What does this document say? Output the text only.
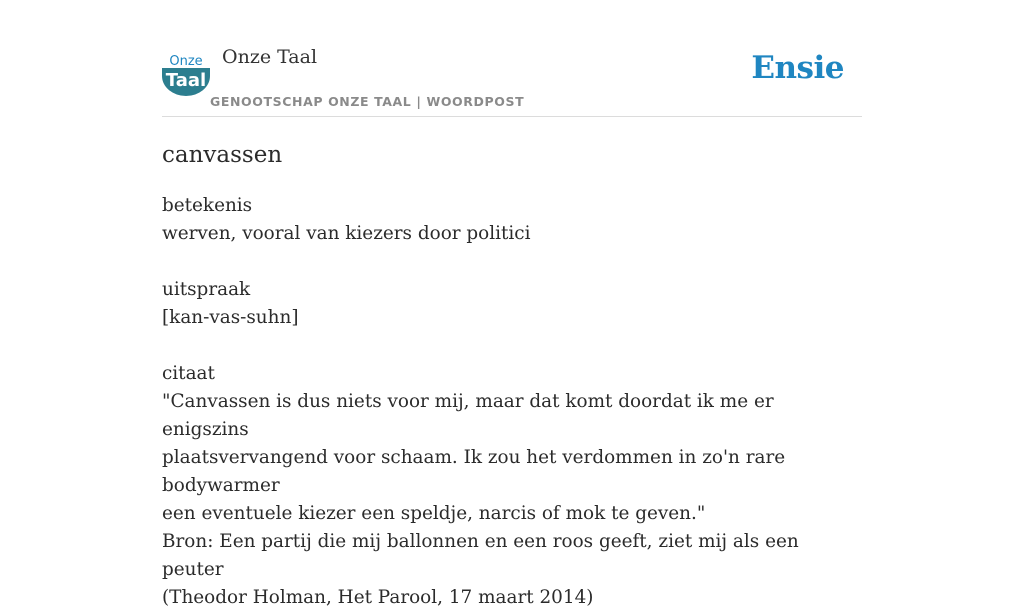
Onze
Taal
Onze Taal
GENOOTSCHAP ONZE TAAL | WOORDPOST
Ensie
canvassen

betekenis

werven, vooral van kiezers door politici

uitspraak

[kan-vas-suhn]

citaat

"Canvassen is dus niets voor mij, maar dat komt doordat ik me er enigszins

plaatsvervangend voor schaam. Ik zou het verdommen in zo'n rare bodywarmer

een eventuele kiezer een speldje, narcis of mok te geven."

Bron: Een partij die mij ballonnen en een roos geeft, ziet mij als een peuter

(Theodor Holman, Het Parool, 17 maart 2014)
